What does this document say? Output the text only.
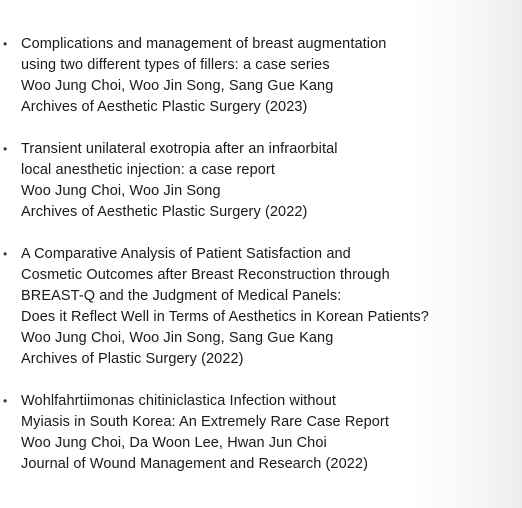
• Complications and management of breast augmentation
using two different types of fillers: a case series
Woo Jung Choi, Woo Jin Song, Sang Gue Kang
Archives of Aesthetic Plastic Surgery (2023)
• Transient unilateral exotropia after an infraorbital
local anesthetic injection: a case report
Woo Jung Choi, Woo Jin Song
Archives of Aesthetic Plastic Surgery (2022)
• A Comparative Analysis of Patient Satisfaction and
Cosmetic Outcomes after Breast Reconstruction through
BREAST-Q and the Judgment of Medical Panels:
Does it Reflect Well in Terms of Aesthetics in Korean Patients?
Woo Jung Choi, Woo Jin Song, Sang Gue Kang
Archives of Plastic Surgery (2022)
• Wohlfahrtiimonas chitiniclastica Infection without
Myiasis in South Korea: An Extremely Rare Case Report
Woo Jung Choi, Da Woon Lee, Hwan Jun Choi
Journal of Wound Management and Research (2022)
